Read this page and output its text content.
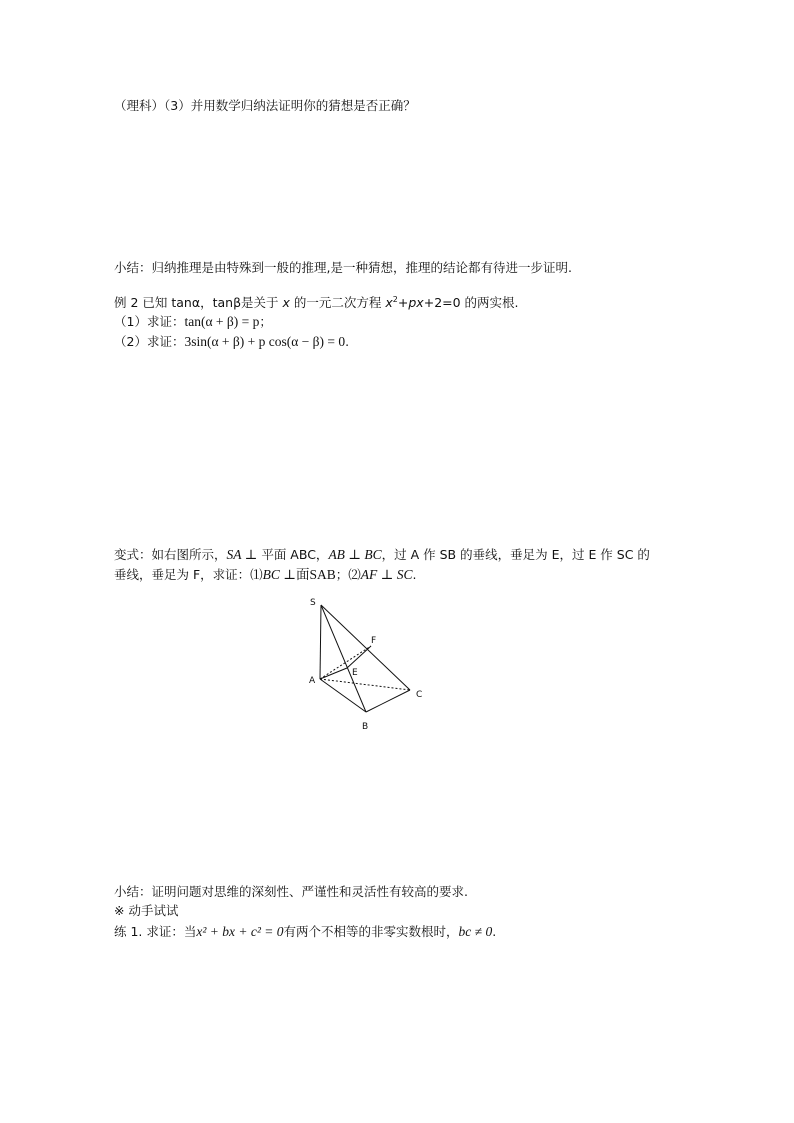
（理科）（3）并用数学归纳法证明你的猜想是否正确？
小结：归纳推理是由特殊到一般的推理,是一种猜想，推理的结论都有待进一步证明.
例 2 已知 tanα，tanβ是关于 x 的一元二次方程 $x^2+px+2=0$ 的两实根.
（1）求证：tan(α + β) = p；
（2）求证：3sin(α + β) + p cos(α − β) = 0.
变式：如右图所示，SA ⊥ 平面 ABC，AB ⊥ BC，过 A 作 SB 的垂线，垂足为 E，过 E 作 SC 的
垂线，垂足为 F，求证：⑴BC ⊥面SAB；⑵AF ⊥ SC.
S
F
E
A
C
B
小结：证明问题对思维的深刻性、严谨性和灵活性有较高的要求.
※ 动手试试
练 1. 求证：当x² + bx + c² = 0有两个不相等的非零实数根时，bc ≠ 0.
